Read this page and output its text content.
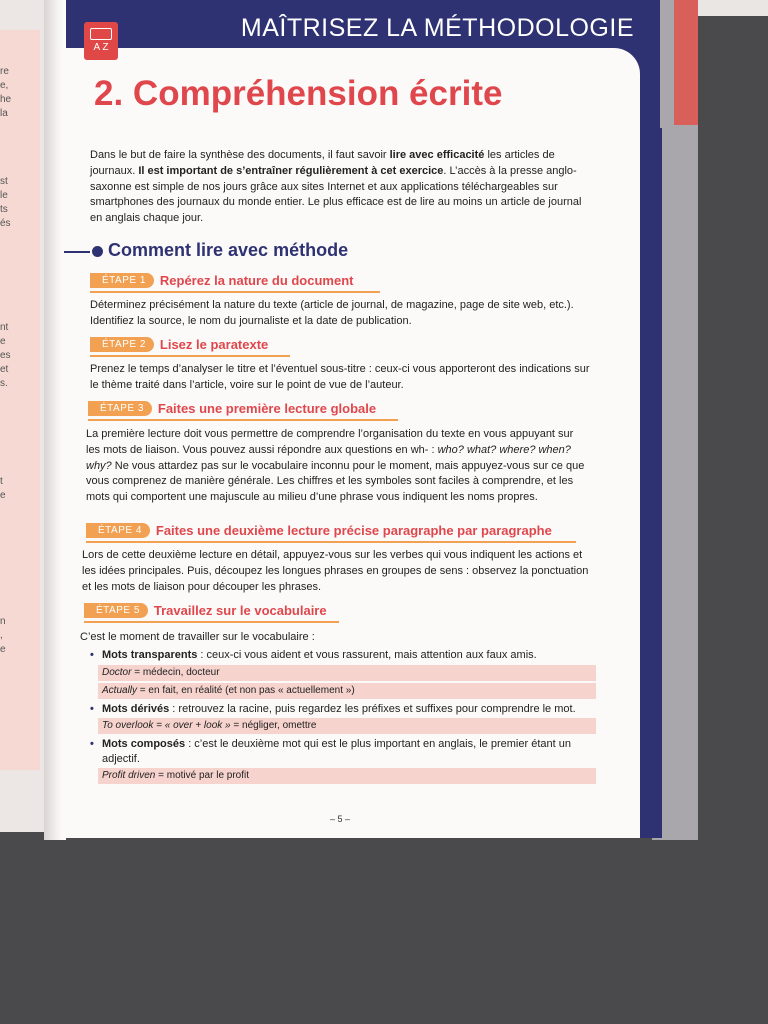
re
e,
he
la
st
le
ts
és
nt
e
es
et
s.
t
e
n
,
e
MAÎTRISEZ LA MÉTHODOLOGIE
A Z
2. Compréhension écrite

Dans le but de faire la synthèse des documents, il faut savoir lire avec efficacité les articles de journaux. Il est important de s’entraîner régulièrement à cet exercice. L’accès à la presse anglo-saxonne est simple de nos jours grâce aux sites Internet et aux applications téléchargeables sur smartphones des journaux du monde entier. Le plus efficace est de lire au moins un article de journal en anglais chaque jour.

Comment lire avec méthode
ÉTAPE 1	Repérez la nature du document

Déterminez précisément la nature du texte (article de journal, de magazine, page de site web, etc.). Identifiez la source, le nom du journaliste et la date de publication.

ÉTAPE 2	Lisez le paratexte

Prenez le temps d’analyser le titre et l’éventuel sous-titre : ceux-ci vous apporteront des indications sur le thème traité dans l’article, voire sur le point de vue de l’auteur.

ÉTAPE 3	Faites une première lecture globale

La première lecture doit vous permettre de comprendre l’organisation du texte en vous appuyant sur les mots de liaison. Vous pouvez aussi répondre aux questions en wh- : who? what? where? when? why? Ne vous attardez pas sur le vocabulaire inconnu pour le moment, mais appuyez-vous sur ce que vous comprenez de manière générale. Les chiffres et les symboles sont faciles à comprendre, et les mots qui comportent une majuscule au milieu d’une phrase vous indiquent les noms propres.

ÉTAPE 4	Faites une deuxième lecture précise paragraphe par paragraphe

Lors de cette deuxième lecture en détail, appuyez-vous sur les verbes qui vous indiquent les actions et les idées principales. Puis, découpez les longues phrases en groupes de sens : observez la ponctuation et les mots de liaison pour découper les phrases.

ÉTAPE 5	Travaillez sur le vocabulaire

C’est le moment de travailler sur le vocabulaire :

• Mots transparents : ceux-ci vous aident et vous rassurent, mais attention aux faux amis.
Doctor = médecin, docteur
Actually = en fait, en réalité (et non pas « actuellement »)
• Mots dérivés : retrouvez la racine, puis regardez les préfixes et suffixes pour comprendre le mot.
To overlook = « over + look » = négliger, omettre
• Mots composés : c’est le deuxième mot qui est le plus important en anglais, le premier étant un adjectif.
Profit driven = motivé par le profit
– 5 –
